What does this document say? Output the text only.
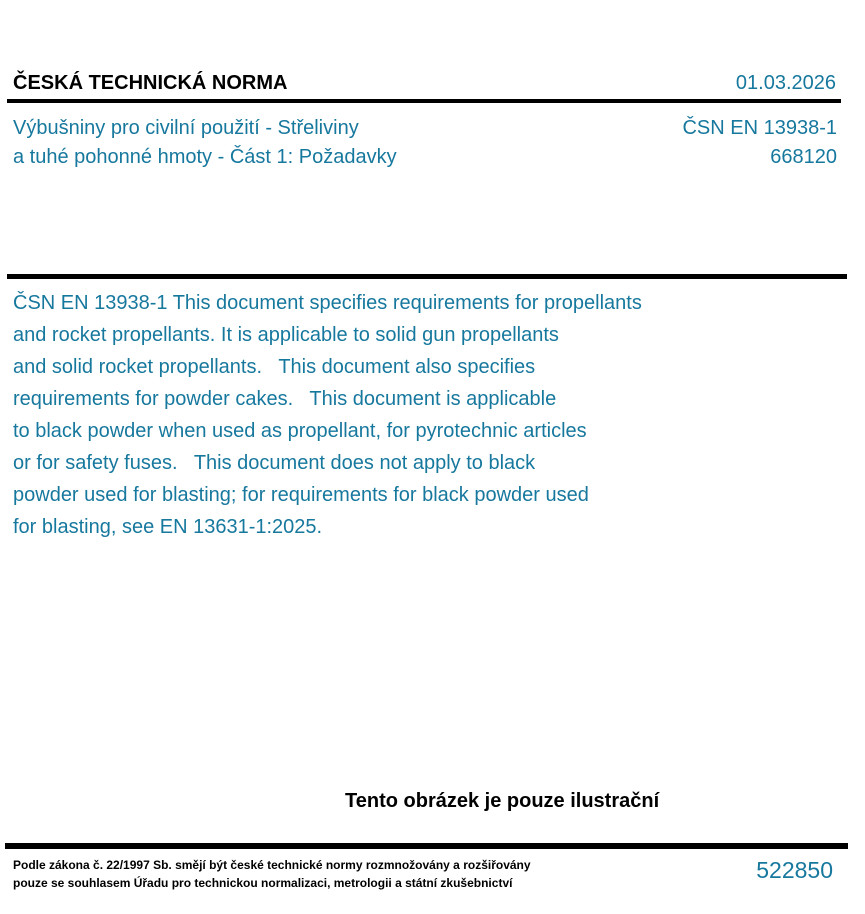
ČESKÁ TECHNICKÁ NORMA	01.03.2026
Výbušniny pro civilní použití - Střeliviny	ČSN EN 13938-1
a tuhé pohonné hmoty - Část 1: Požadavky	668120
ČSN EN 13938-1 This document specifies requirements for propellants
and rocket propellants. It is applicable to solid gun propellants
and solid rocket propellants.   This document also specifies
requirements for powder cakes.   This document is applicable
to black powder when used as propellant, for pyrotechnic articles
or for safety fuses.   This document does not apply to black
powder used for blasting; for requirements for black powder used
for blasting, see EN 13631-1:2025.
Tento obrázek je pouze ilustrační
Podle zákona č. 22/1997 Sb. smějí být české technické normy rozmnožovány a rozšiřovány
pouze se souhlasem Úřadu pro technickou normalizaci, metrologii a státní zkušebnictví	522850
